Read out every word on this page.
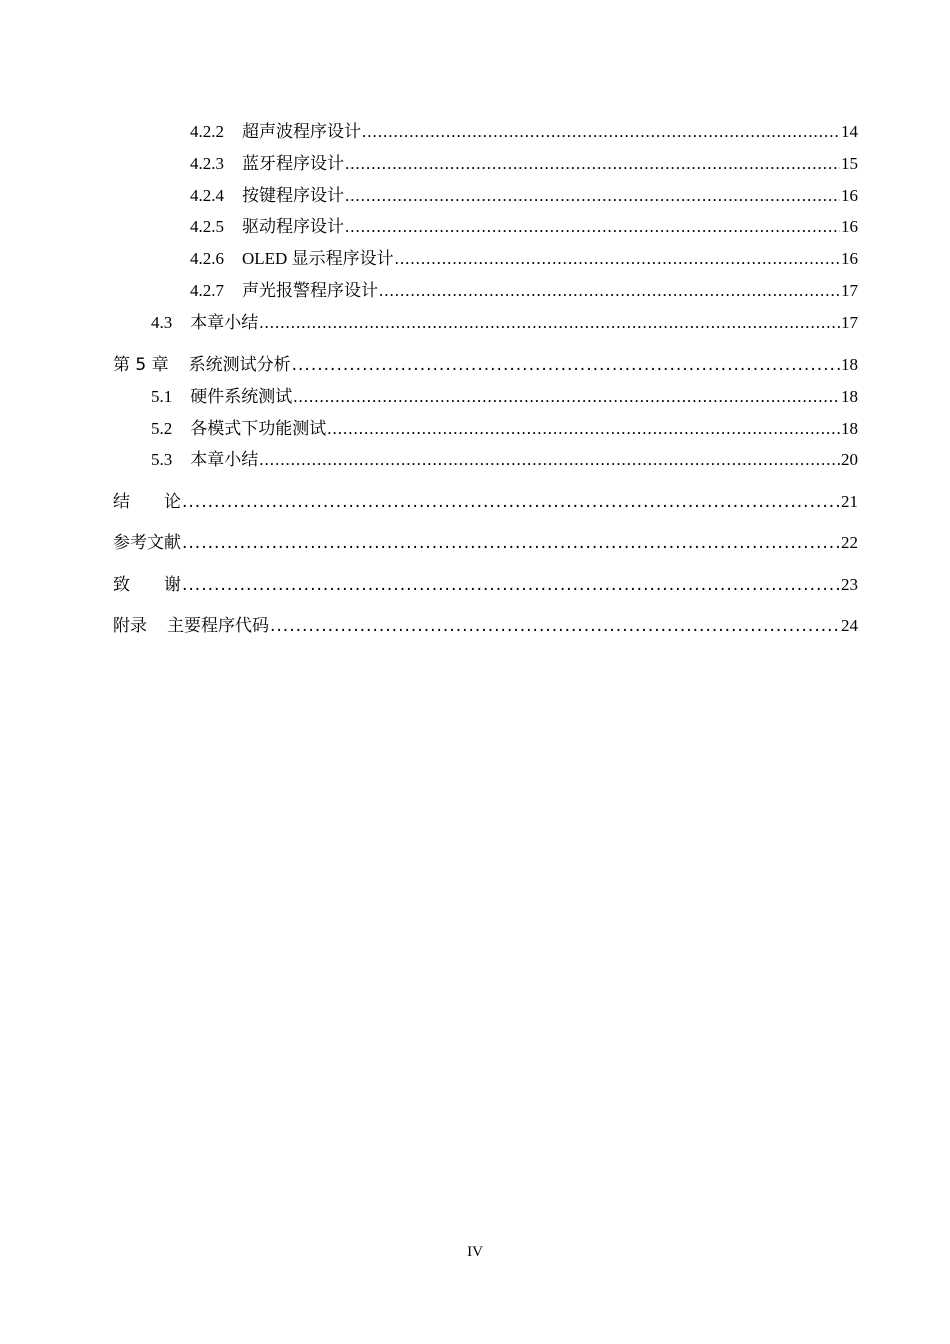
4.2.2 超声波程序设计 .....	14
4.2.3 蓝牙程序设计 .....	15
4.2.4 按键程序设计 .....	16
4.2.5 驱动程序设计 .....	16
4.2.6 OLED 显示程序设计 .....	16
4.2.7 声光报警程序设计 .....	17
4.3 本章小结 .....	17
第 5 章 系统测试分析 .....	18
5.1 硬件系统测试 .....	18
5.2 各模式下功能测试 .....	18
5.3 本章小结 .....	20
结　　论 .....	21
参考文献 .....	22
致　　谢 .....	23
附录 主要程序代码 .....	24
IV
